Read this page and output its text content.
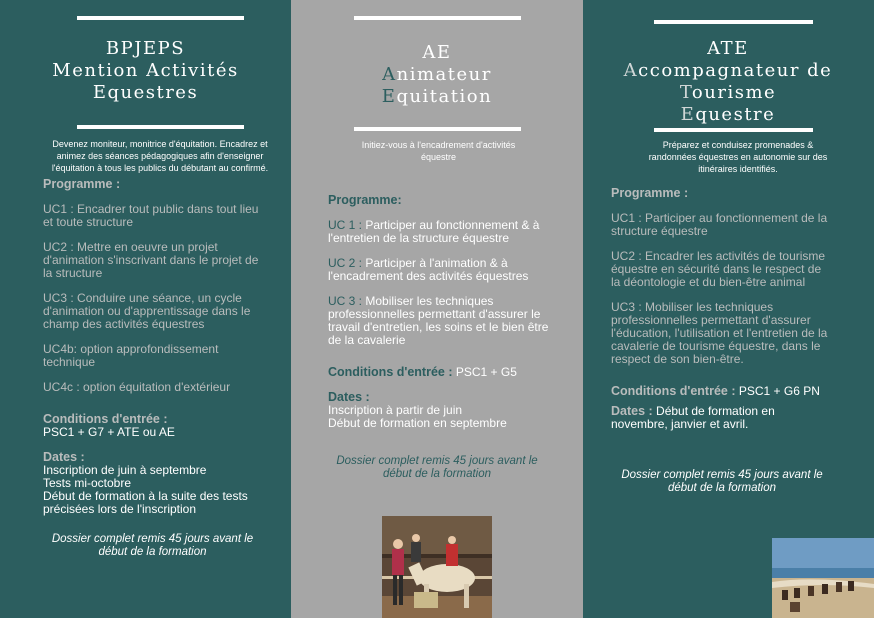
BPJEPS
Mention Activités
Equestres
Devenez moniteur, monitrice d'équitation. Encadrez et animez des séances pédagogiques afin d'enseigner l'équitation à tous les publics du débutant au confirmé.
Programme :
UC1 : Encadrer tout public dans tout lieu et toute structure
UC2 : Mettre en oeuvre un projet d'animation s'inscrivant dans le projet de la structure
UC3 : Conduire une séance, un cycle d'animation ou d'apprentissage dans le champ des activités équestres
UC4b: option approfondissement technique
UC4c : option équitation d'extérieur
Conditions d'entrée :
PSC1 + G7 + ATE ou AE
Dates :
Inscription de juin à septembre
Tests mi-octobre
Début de formation à la suite des tests précisées lors de l'inscription
Dossier complet remis 45 jours avant le début de la formation
AE
Animateur
Equitation
Initiez-vous à l'encadrement d'activités équestre
Programme:
UC 1 : Participer au fonctionnement & à l'entretien de la structure équestre
UC 2 : Participer à l'animation & à l'encadrement des activités équestres
UC 3 : Mobiliser les techniques professionnelles permettant d'assurer le travail d'entretien, les soins et le bien être de la cavalerie
Conditions d'entrée : PSC1 + G5
Dates :
Inscription à partir de juin
Début de formation en septembre
Dossier complet remis 45 jours avant le début de la formation
ATE
Accompagnateur de
Tourisme
Equestre
Préparez et conduisez promenades & randonnées équestres en autonomie sur des itinéraires identifiés.
Programme :
UC1 : Participer au fonctionnement de la structure équestre
UC2 : Encadrer les activités de tourisme équestre en sécurité dans le respect de la déontologie et du bien-être animal
UC3 : Mobiliser les techniques professionnelles permettant d'assurer l'éducation, l'utilisation et l'entretien de la cavalerie de tourisme équestre, dans le respect de son bien-être.
Conditions d'entrée : PSC1 + G6 PN
Dates : Début de formation en novembre, janvier et avril.
Dossier complet remis 45 jours avant le début de la formation
